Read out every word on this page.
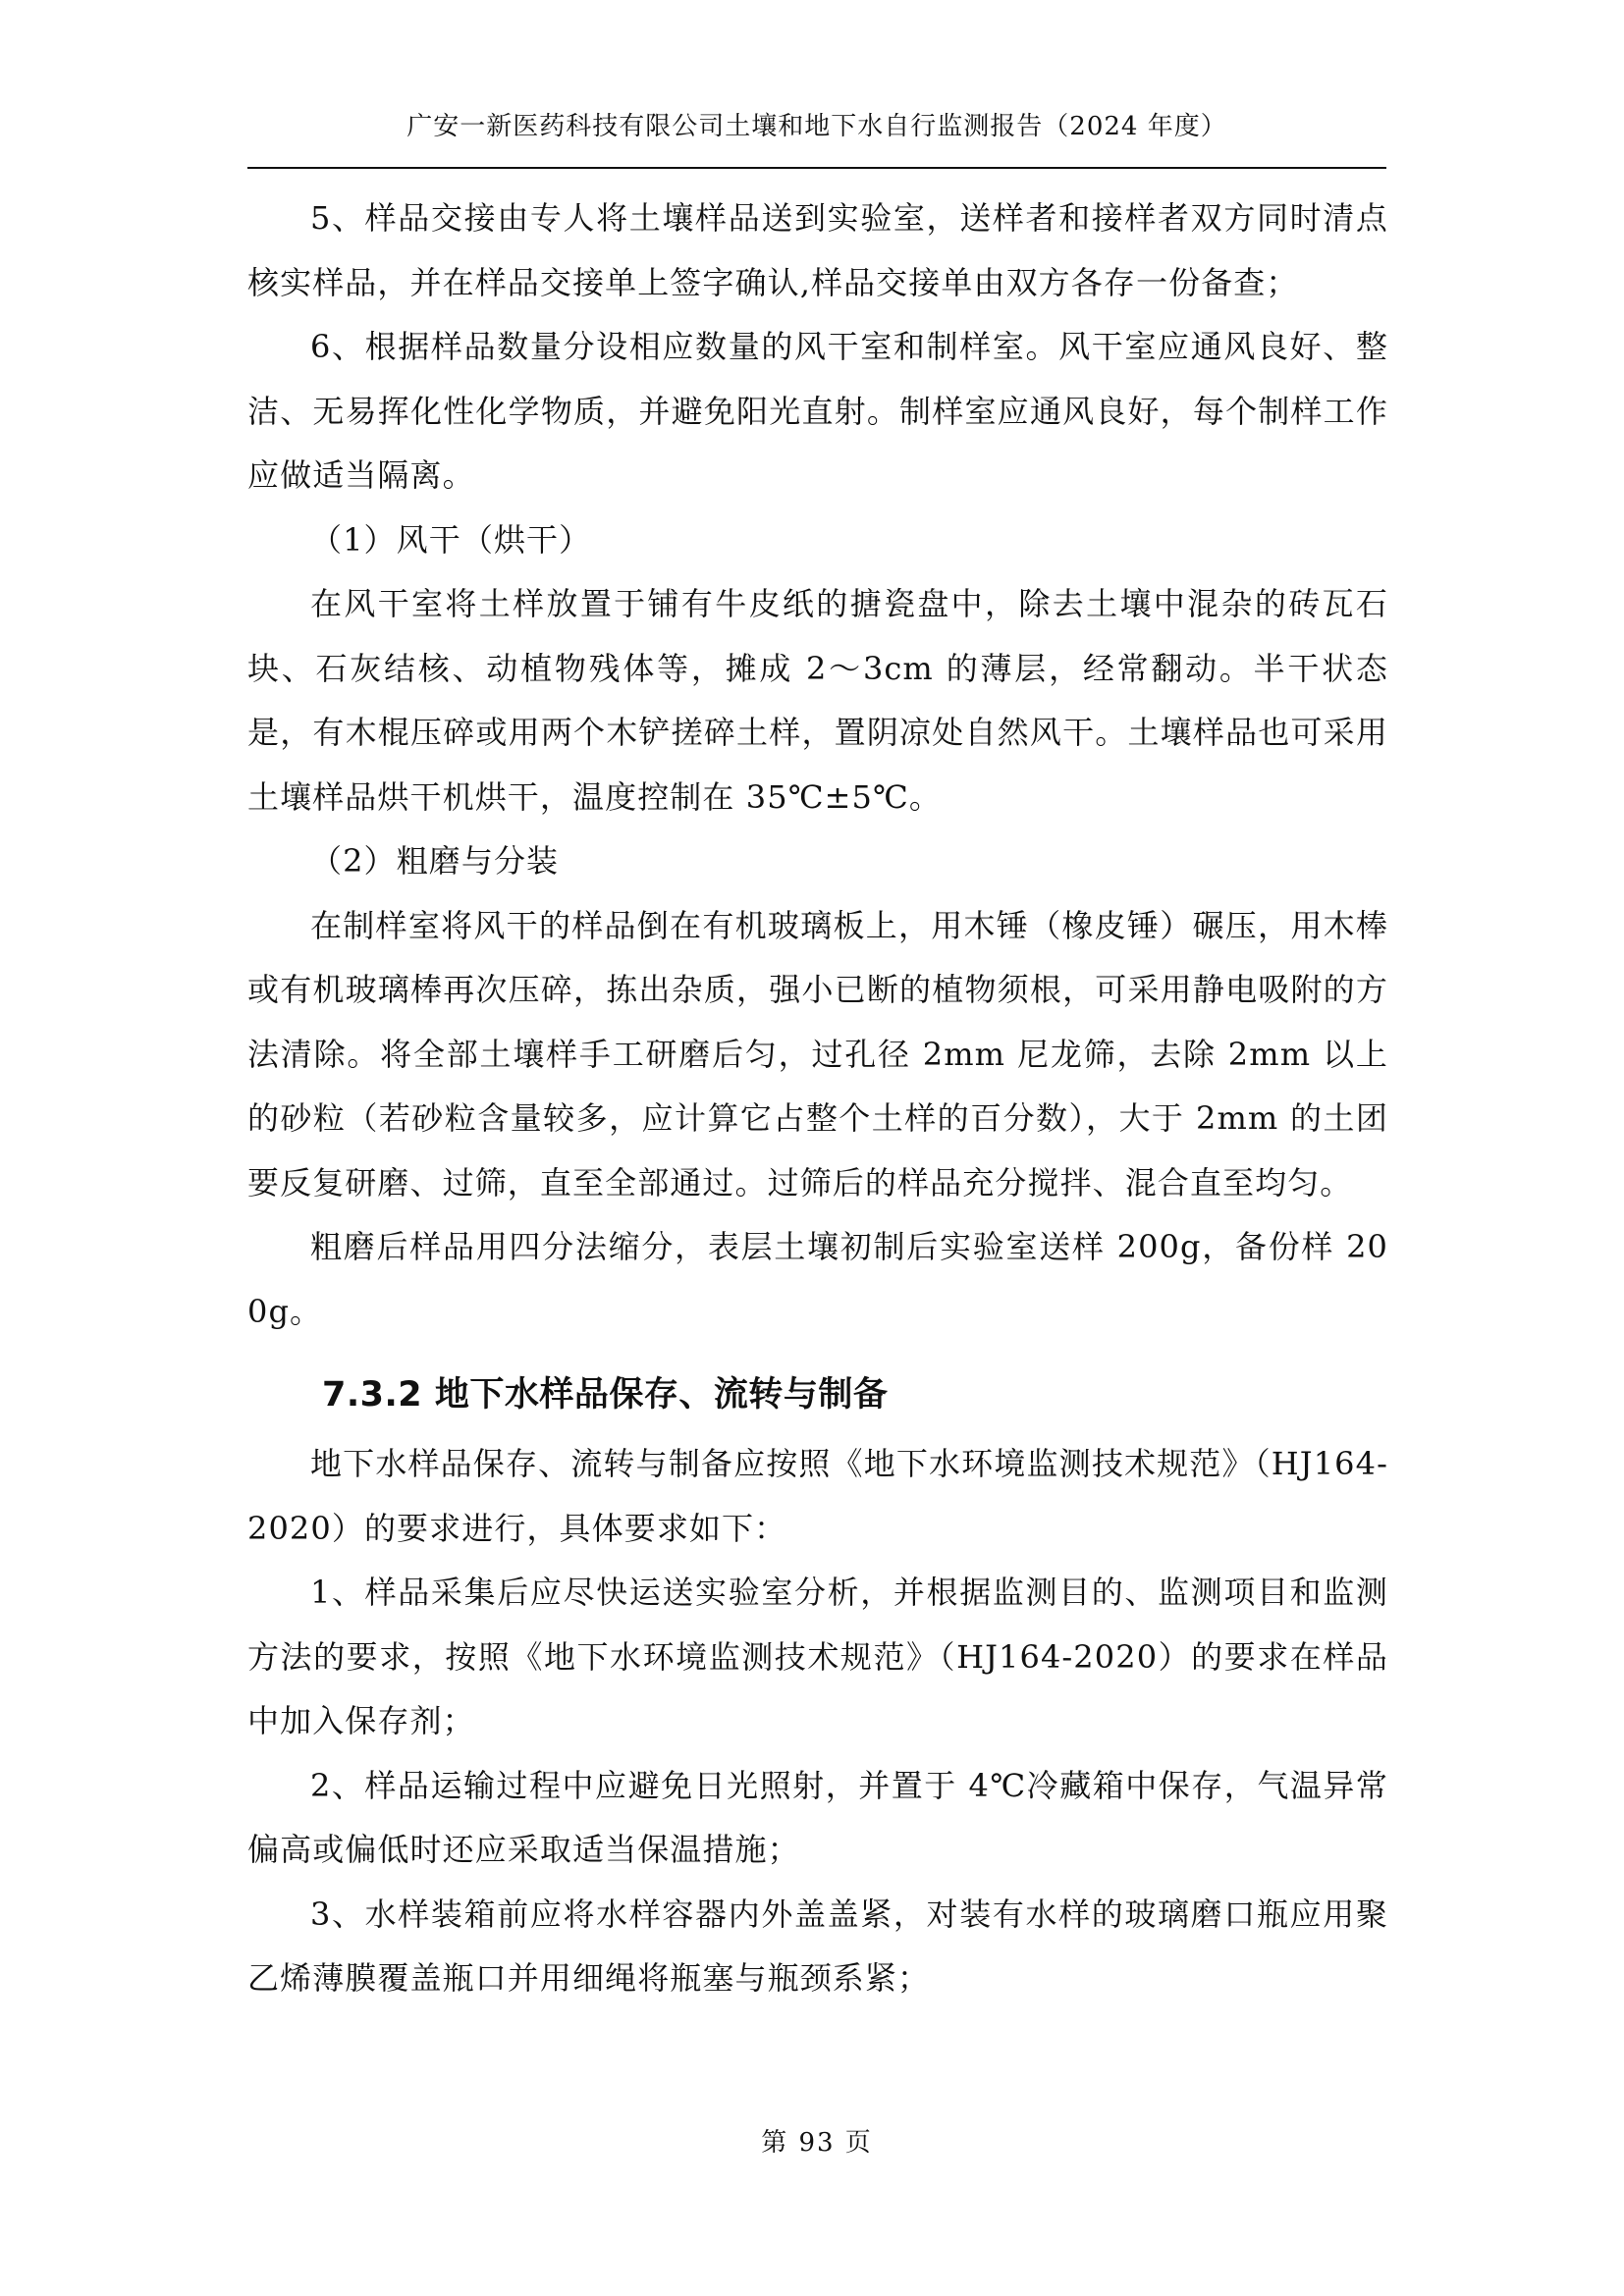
广安一新医药科技有限公司土壤和地下水自行监测报告（2024 年度）

5、样品交接由专人将土壤样品送到实验室，送样者和接样者双方同时清点核实样品，并在样品交接单上签字确认,样品交接单由双方各存一份备查；

6、根据样品数量分设相应数量的风干室和制样室。风干室应通风良好、整洁、无易挥化性化学物质，并避免阳光直射。制样室应通风良好，每个制样工作应做适当隔离。

（1）风干（烘干）

在风干室将土样放置于铺有牛皮纸的搪瓷盘中，除去土壤中混杂的砖瓦石块、石灰结核、动植物残体等，摊成 2～3cm 的薄层，经常翻动。半干状态是，有木棍压碎或用两个木铲搓碎土样，置阴凉处自然风干。土壤样品也可采用土壤样品烘干机烘干，温度控制在 35℃±5℃。

（2）粗磨与分装

在制样室将风干的样品倒在有机玻璃板上，用木锤（橡皮锤）碾压，用木棒或有机玻璃棒再次压碎，拣出杂质，强小已断的植物须根，可采用静电吸附的方法清除。将全部土壤样手工研磨后匀，过孔径 2mm 尼龙筛，去除 2mm 以上的砂粒（若砂粒含量较多，应计算它占整个土样的百分数），大于 2mm 的土团要反复研磨、过筛，直至全部通过。过筛后的样品充分搅拌、混合直至均匀。

粗磨后样品用四分法缩分，表层土壤初制后实验室送样 200g，备份样 200g。

7.3.2 地下水样品保存、流转与制备

地下水样品保存、流转与制备应按照《地下水环境监测技术规范》（HJ164-2020）的要求进行，具体要求如下：

1、样品采集后应尽快运送实验室分析，并根据监测目的、监测项目和监测方法的要求，按照《地下水环境监测技术规范》（HJ164-2020）的要求在样品中加入保存剂；

2、样品运输过程中应避免日光照射，并置于 4℃冷藏箱中保存，气温异常偏高或偏低时还应采取适当保温措施；

3、水样装箱前应将水样容器内外盖盖紧，对装有水样的玻璃磨口瓶应用聚乙烯薄膜覆盖瓶口并用细绳将瓶塞与瓶颈系紧；

第 93 页
